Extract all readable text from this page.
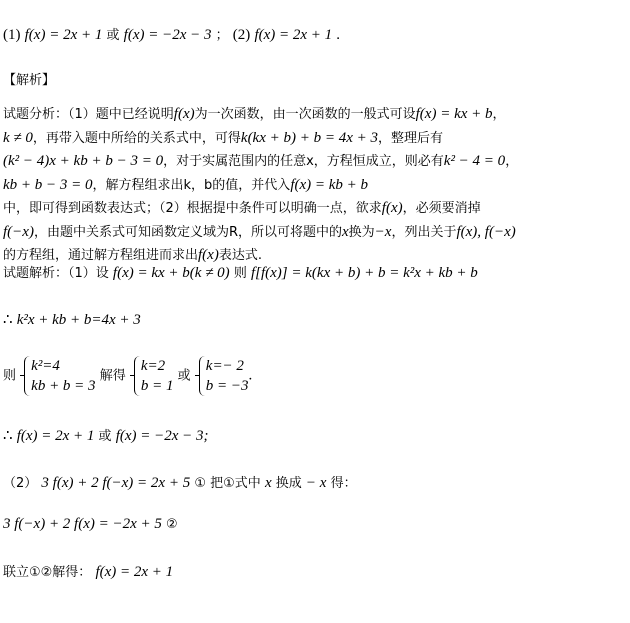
(1) f(x) = 2x + 1 或 f(x) = −2x − 3 ； (2) f(x) = 2x + 1 .
【解析】
试题分析：（1）题中已经说明f(x)为一次函数，由一次函数的一般式可设f(x) = kx + b，k ≠ 0，再带入题中所给的关系式中，可得k(kx + b) + b = 4x + 3，整理后有(k² − 4)x + kb + b − 3 = 0，对于实属范围内的任意x，方程恒成立，则必有k² − 4 = 0，kb + b − 3 = 0，解方程组求出k，b的值，并代入f(x) = kb + b中，即可得到函数表达式；（2）根据提中条件可以明确一点，欲求f(x)，必须要消掉f(−x)，由题中关系式可知函数定义域为R，所以可将题中的x换为−x，列出关于f(x), f(−x)的方程组，通过解方程组进而求出f(x)表达式.
试题解析：（1）设 f(x) = kx + b(k ≠ 0) 则 f[f(x)] = k(kx + b) + b = k²x + kb + b
∴ k²x + kb + b=4x + 3
则
k²=4
kb + b = 3
解得
k=2
b = 1
或
k=− 2
b = −3
.
∴ f(x) = 2x + 1 或 f(x) = −2x − 3;
（2） 3 f(x) + 2 f(−x) = 2x + 5 ① 把①式中 x 换成 − x 得：
3 f(−x) + 2 f(x) = −2x + 5 ②
联立①②解得： f(x) = 2x + 1
